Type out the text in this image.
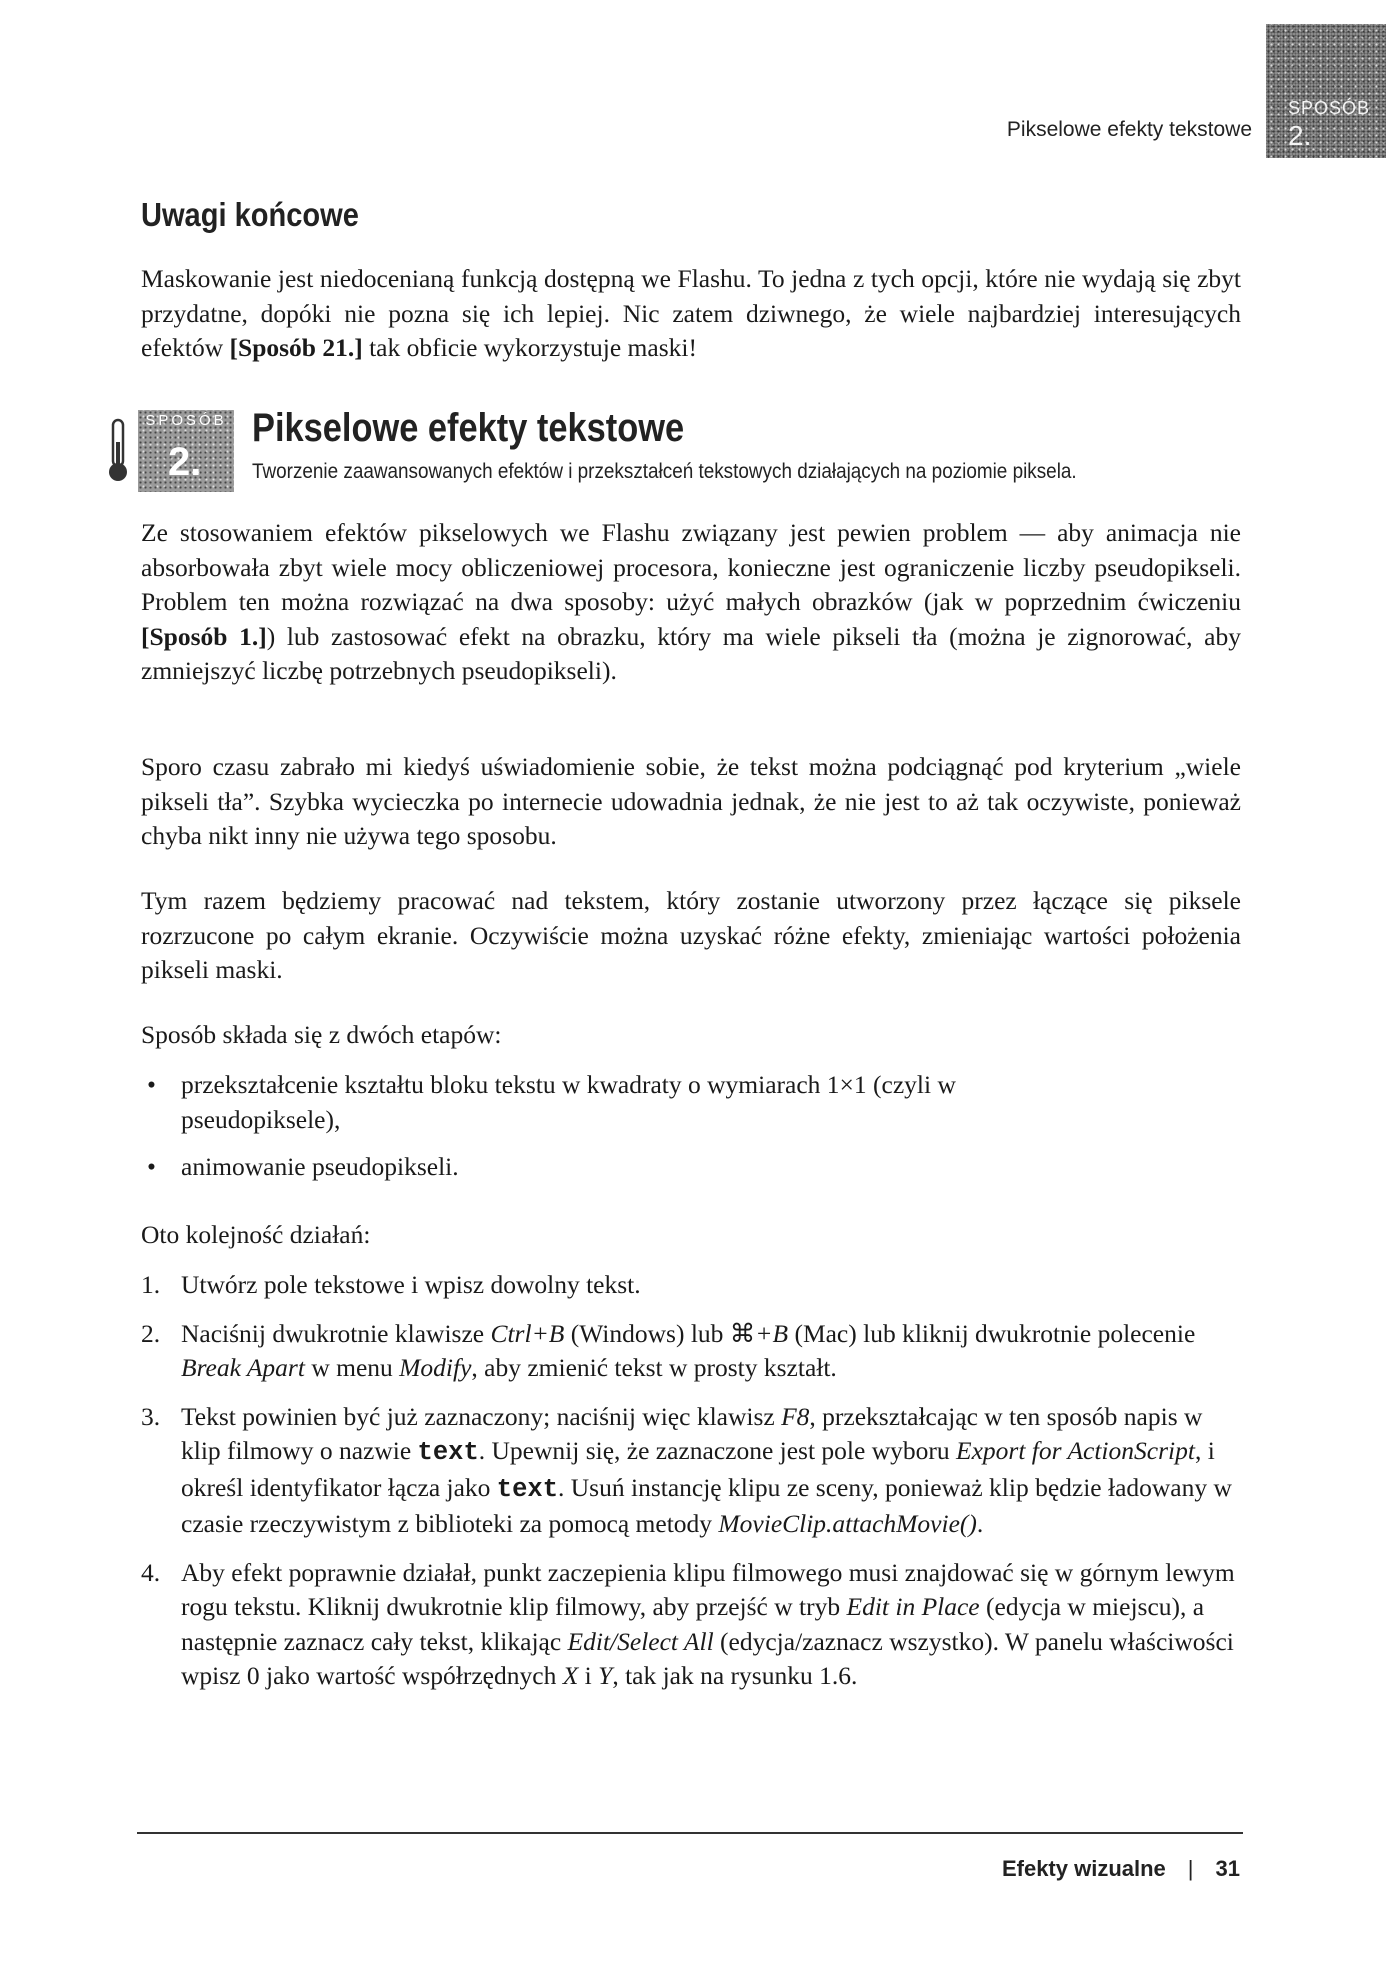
Pikselowe efekty tekstowe
SPOSÓB
2.
Uwagi końcowe

Maskowanie jest niedocenianą funkcją dostępną we Flashu. To jedna z tych opcji, które nie wydają się zbyt przydatne, dopóki nie pozna się ich lepiej. Nic zatem dziwnego, że wiele najbardziej interesujących efektów [Sposób 21.] tak obficie wykorzystuje maski!

SPOSÓB
2.
Pikselowe efekty tekstowe

Tworzenie zaawansowanych efektów i przekształceń tekstowych działających na poziomie piksela.

Ze stosowaniem efektów pikselowych we Flashu związany jest pewien problem — aby animacja nie absorbowała zbyt wiele mocy obliczeniowej procesora, konieczne jest ograniczenie liczby pseudopikseli. Problem ten można rozwiązać na dwa sposoby: użyć małych obrazków (jak w poprzednim ćwiczeniu [Sposób 1.]) lub zastosować efekt na obrazku, który ma wiele pikseli tła (można je zignorować, aby zmniejszyć liczbę potrzebnych pseudopikseli).

Sporo czasu zabrało mi kiedyś uświadomienie sobie, że tekst można podciągnąć pod kryterium „wiele pikseli tła”. Szybka wycieczka po internecie udowadnia jednak, że nie jest to aż tak oczywiste, ponieważ chyba nikt inny nie używa tego sposobu.

Tym razem będziemy pracować nad tekstem, który zostanie utworzony przez łączące się piksele rozrzucone po całym ekranie. Oczywiście można uzyskać różne efekty, zmieniając wartości położenia pikseli maski.

Sposób składa się z dwóch etapów:

• przekształcenie kształtu bloku tekstu w kwadraty o wymiarach 1×1 (czyli w pseudopiksele),
• animowanie pseudopikseli.

Oto kolejność działań:

1. Utwórz pole tekstowe i wpisz dowolny tekst.
2. Naciśnij dwukrotnie klawisze Ctrl+B (Windows) lub ⌘+B (Mac) lub kliknij dwukrotnie polecenie Break Apart w menu Modify, aby zmienić tekst w prosty kształt.
3. Tekst powinien być już zaznaczony; naciśnij więc klawisz F8, przekształcając w ten sposób napis w klip filmowy o nazwie text. Upewnij się, że zaznaczone jest pole wyboru Export for ActionScript, i określ identyfikator łącza jako text. Usuń instancję klipu ze sceny, ponieważ klip będzie ładowany w czasie rzeczywistym z biblioteki za pomocą metody MovieClip.attachMovie().
4. Aby efekt poprawnie działał, punkt zaczepienia klipu filmowego musi znajdować się w górnym lewym rogu tekstu. Kliknij dwukrotnie klip filmowy, aby przejść w tryb Edit in Place (edycja w miejscu), a następnie zaznacz cały tekst, klikając Edit/Select All (edycja/zaznacz wszystko). W panelu właściwości wpisz 0 jako wartość współrzędnych X i Y, tak jak na rysunku 1.6.
Efekty wizualne | 31
